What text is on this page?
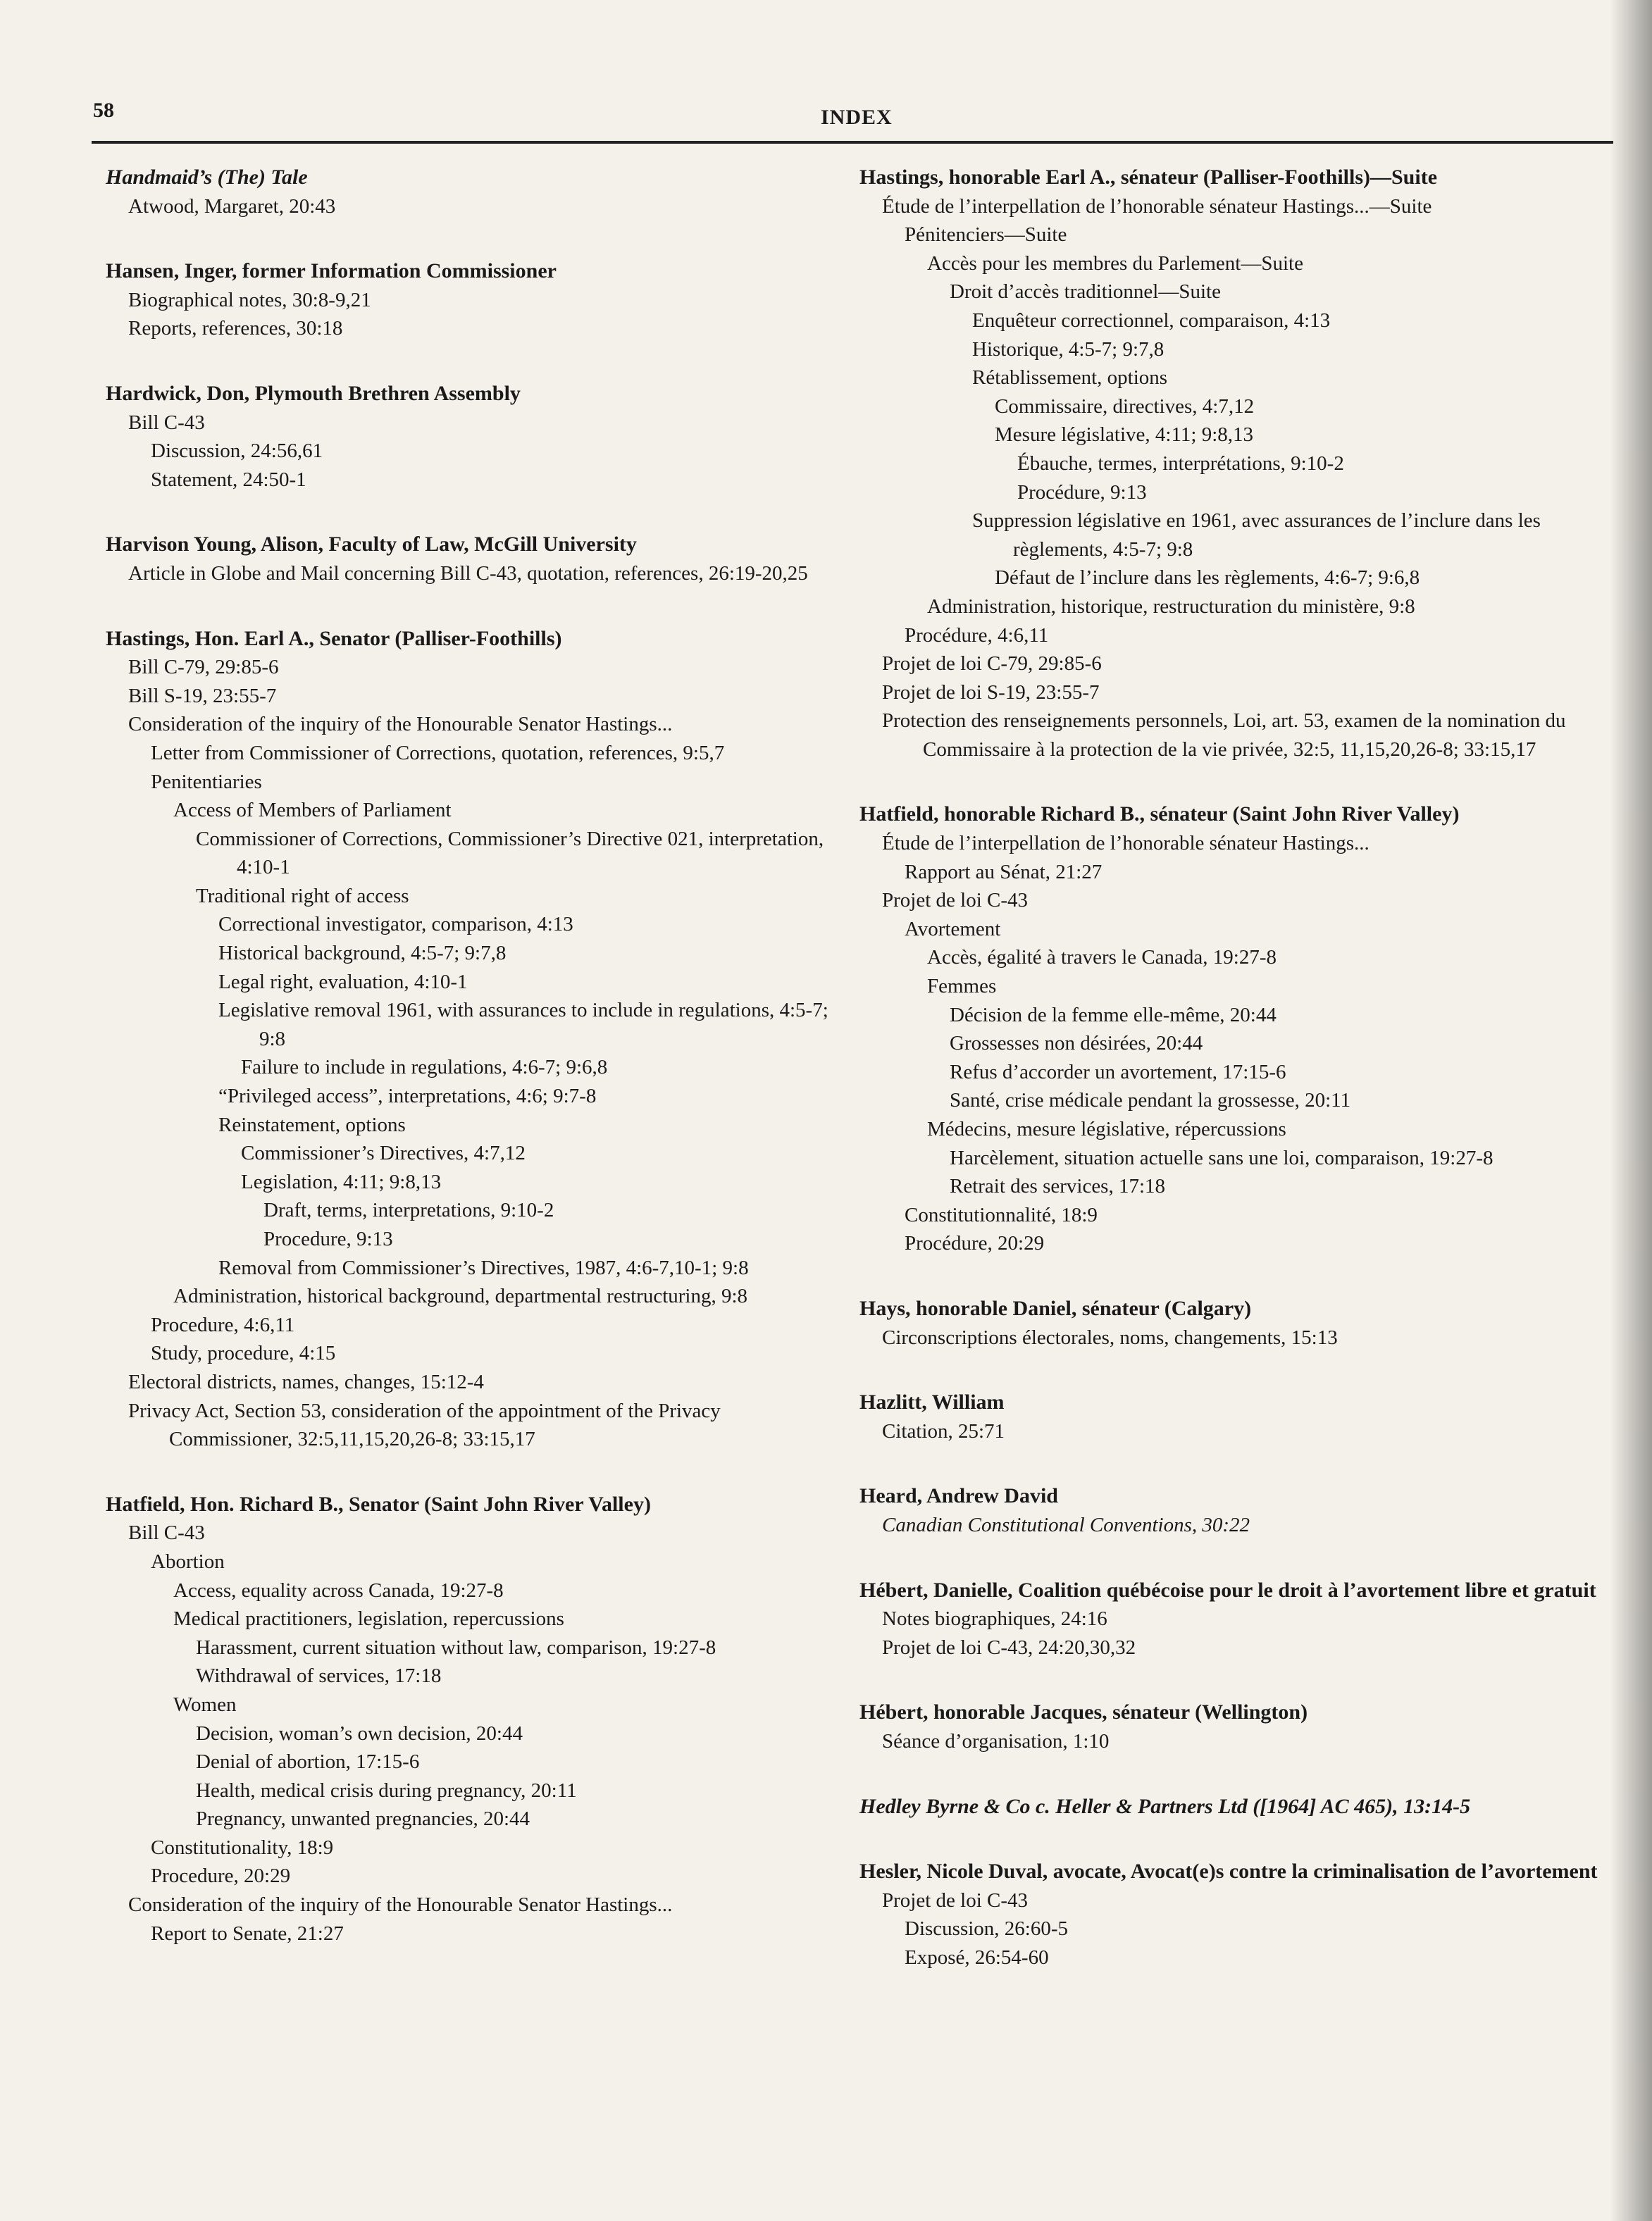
58	INDEX
Handmaid’s (The) Tale
Atwood, Margaret, 20:43
Hansen, Inger, former Information Commissioner
Biographical notes, 30:8-9,21
Reports, references, 30:18
Hardwick, Don, Plymouth Brethren Assembly
Bill C-43
Discussion, 24:56,61
Statement, 24:50-1
Harvison Young, Alison, Faculty of Law, McGill University
Article in Globe and Mail concerning Bill C-43, quotation, references, 26:19-20,25
Hastings, Hon. Earl A., Senator (Palliser-Foothills)
Bill C-79, 29:85-6
Bill S-19, 23:55-7
Consideration of the inquiry of the Honourable Senator Hastings...
Letter from Commissioner of Corrections, quotation, references, 9:5,7
Penitentiaries
Access of Members of Parliament
Commissioner of Corrections, Commissioner’s Directive 021, interpretation, 4:10-1
Traditional right of access
Correctional investigator, comparison, 4:13
Historical background, 4:5-7; 9:7,8
Legal right, evaluation, 4:10-1
Legislative removal 1961, with assurances to include in regulations, 4:5-7; 9:8
Failure to include in regulations, 4:6-7; 9:6,8
“Privileged access”, interpretations, 4:6; 9:7-8
Reinstatement, options
Commissioner’s Directives, 4:7,12
Legislation, 4:11; 9:8,13
Draft, terms, interpretations, 9:10-2
Procedure, 9:13
Removal from Commissioner’s Directives, 1987, 4:6-7,10-1; 9:8
Administration, historical background, departmental restructuring, 9:8
Procedure, 4:6,11
Study, procedure, 4:15
Electoral districts, names, changes, 15:12-4
Privacy Act, Section 53, consideration of the appointment of the Privacy Commissioner, 32:5,11,15,20,26-8; 33:15,17
Hatfield, Hon. Richard B., Senator (Saint John River Valley)
Bill C-43
Abortion
Access, equality across Canada, 19:27-8
Medical practitioners, legislation, repercussions
Harassment, current situation without law, comparison, 19:27-8
Withdrawal of services, 17:18
Women
Decision, woman’s own decision, 20:44
Denial of abortion, 17:15-6
Health, medical crisis during pregnancy, 20:11
Pregnancy, unwanted pregnancies, 20:44
Constitutionality, 18:9
Procedure, 20:29
Consideration of the inquiry of the Honourable Senator Hastings...
Report to Senate, 21:27
Hastings, honorable Earl A., sénateur (Palliser-Foothills)—Suite
Étude de l’interpellation de l’honorable sénateur Hastings...—Suite
Pénitenciers—Suite
Accès pour les membres du Parlement—Suite
Droit d’accès traditionnel—Suite
Enquêteur correctionnel, comparaison, 4:13
Historique, 4:5-7; 9:7,8
Rétablissement, options
Commissaire, directives, 4:7,12
Mesure législative, 4:11; 9:8,13
Ébauche, termes, interprétations, 9:10-2
Procédure, 9:13
Suppression législative en 1961, avec assurances de l’inclure dans les règlements, 4:5-7; 9:8
Défaut de l’inclure dans les règlements, 4:6-7; 9:6,8
Administration, historique, restructuration du ministère, 9:8
Procédure, 4:6,11
Projet de loi C-79, 29:85-6
Projet de loi S-19, 23:55-7
Protection des renseignements personnels, Loi, art. 53, examen de la nomination du Commissaire à la protection de la vie privée, 32:5, 11,15,20,26-8; 33:15,17
Hatfield, honorable Richard B., sénateur (Saint John River Valley)
Étude de l’interpellation de l’honorable sénateur Hastings...
Rapport au Sénat, 21:27
Projet de loi C-43
Avortement
Accès, égalité à travers le Canada, 19:27-8
Femmes
Décision de la femme elle-même, 20:44
Grossesses non désirées, 20:44
Refus d’accorder un avortement, 17:15-6
Santé, crise médicale pendant la grossesse, 20:11
Médecins, mesure législative, répercussions
Harcèlement, situation actuelle sans une loi, comparaison, 19:27-8
Retrait des services, 17:18
Constitutionnalité, 18:9
Procédure, 20:29
Hays, honorable Daniel, sénateur (Calgary)
Circonscriptions électorales, noms, changements, 15:13
Hazlitt, William
Citation, 25:71
Heard, Andrew David
Canadian Constitutional Conventions, 30:22
Hébert, Danielle, Coalition québécoise pour le droit à l’avortement libre et gratuit
Notes biographiques, 24:16
Projet de loi C-43, 24:20,30,32
Hébert, honorable Jacques, sénateur (Wellington)
Séance d’organisation, 1:10
Hedley Byrne & Co c. Heller & Partners Ltd ([1964] AC 465), 13:14-5
Hesler, Nicole Duval, avocate, Avocat(e)s contre la criminalisation de l’avortement
Projet de loi C-43
Discussion, 26:60-5
Exposé, 26:54-60
